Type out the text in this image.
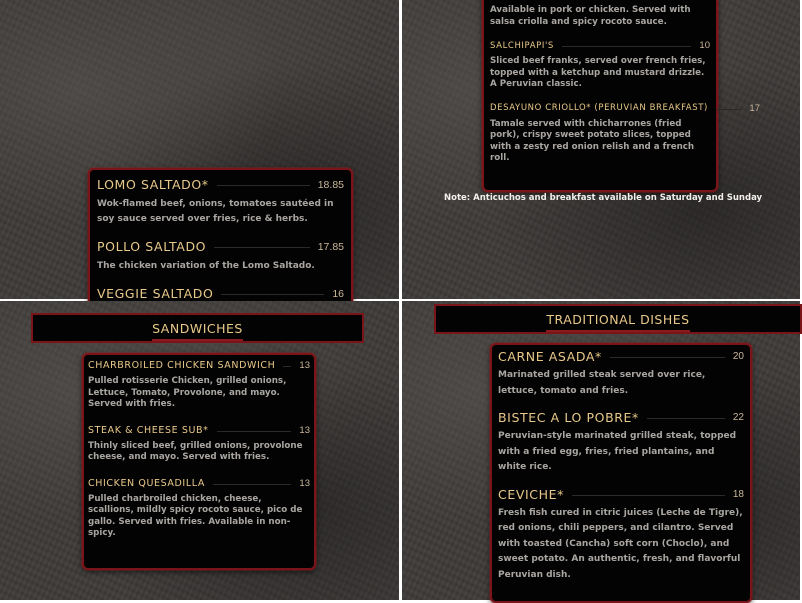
LOMO SALTADO*	18.85
Wok-flamed beef, onions, tomatoes sautéed in soy sauce served over fries, rice & herbs.
POLLO SALTADO	17.85
The chicken variation of the Lomo Saltado.
VEGGIE SALTADO	16
Available in pork or chicken. Served with salsa criolla and spicy rocoto sauce.
SALCHIPAPI'S	10
Sliced beef franks, served over french fries, topped with a ketchup and mustard drizzle. A Peruvian classic.
DESAYUNO CRIOLLO* (PERUVIAN BREAKFAST)	17
Tamale served with chicharrones (fried pork), crispy sweet potato slices, topped with a zesty red onion relish and a french roll.
Note: Anticuchos and breakfast available on Saturday and Sunday
SANDWICHES
CHARBROILED CHICKEN SANDWICH	13
Pulled rotisserie Chicken, grilled onions, Lettuce, Tomato, Provolone, and mayo. Served with fries.
STEAK & CHEESE SUB*	13
Thinly sliced beef, grilled onions, provolone cheese, and mayo. Served with fries.
CHICKEN QUESADILLA	13
Pulled charbroiled chicken, cheese, scallions, mildly spicy rocoto sauce, pico de gallo. Served with fries. Available in non-spicy.
TRADITIONAL DISHES
CARNE ASADA*	20
Marinated grilled steak served over rice, lettuce, tomato and fries.
BISTEC A LO POBRE*	22
Peruvian-style marinated grilled steak, topped with a fried egg, fries, fried plantains, and white rice.
CEVICHE*	18
Fresh fish cured in citric juices (Leche de Tigre), red onions, chili peppers, and cilantro. Served with toasted (Cancha) soft corn (Choclo), and sweet potato. An authentic, fresh, and flavorful Peruvian dish.
